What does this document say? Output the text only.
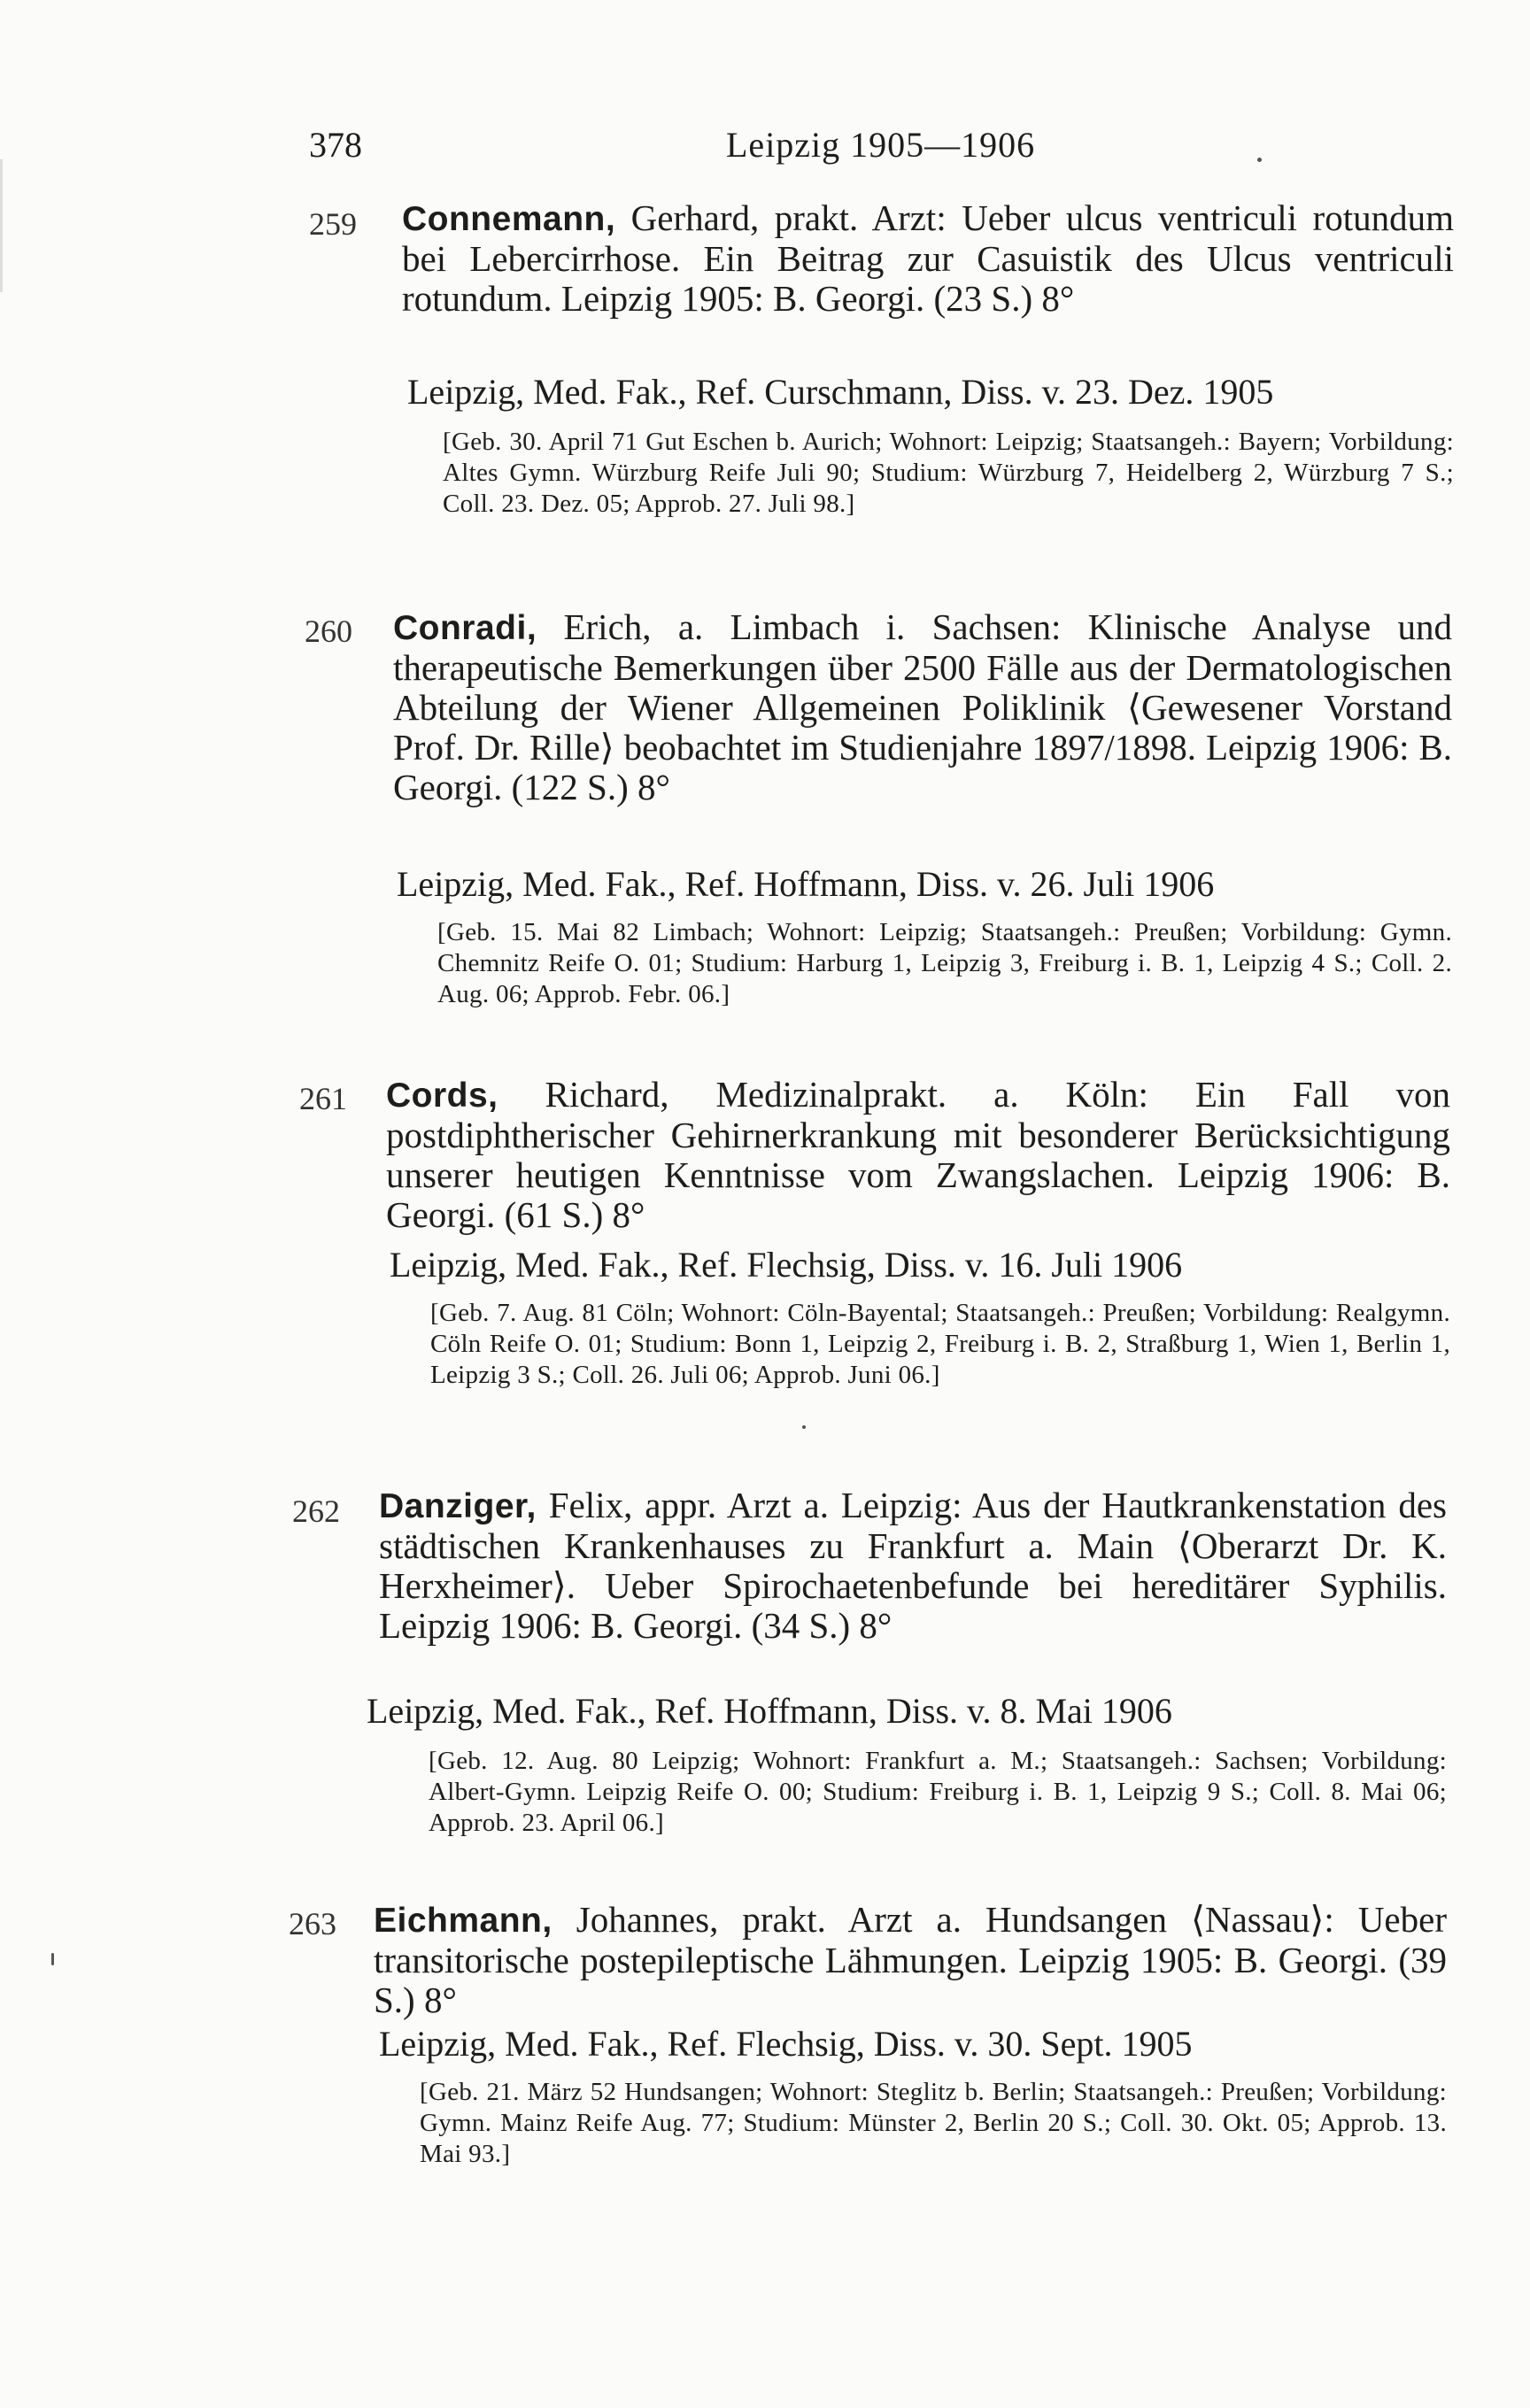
378	Leipzig 1905—1906
259 Connemann, Gerhard, prakt. Arzt: Ueber ulcus ventriculi rotundum bei Lebercirrhose. Ein Beitrag zur Casuistik des Ulcus ventriculi rotundum. Leipzig 1905: B. Georgi. (23 S.) 8°
Leipzig, Med. Fak., Ref. Curschmann, Diss. v. 23. Dez. 1905
[Geb. 30. April 71 Gut Eschen b. Aurich; Wohnort: Leipzig; Staatsangeh.: Bayern; Vorbildung: Altes Gymn. Würzburg Reife Juli 90; Studium: Würzburg 7, Heidelberg 2, Würzburg 7 S.; Coll. 23. Dez. 05; Approb. 27. Juli 98.]
260 Conradi, Erich, a. Limbach i. Sachsen: Klinische Analyse und therapeutische Bemerkungen über 2500 Fälle aus der Dermatologischen Abteilung der Wiener Allgemeinen Poliklinik ⟨Gewesener Vorstand Prof. Dr. Rille⟩ beobachtet im Studienjahre 1897/1898. Leipzig 1906: B. Georgi. (122 S.) 8°
Leipzig, Med. Fak., Ref. Hoffmann, Diss. v. 26. Juli 1906
[Geb. 15. Mai 82 Limbach; Wohnort: Leipzig; Staatsangeh.: Preußen; Vorbildung: Gymn. Chemnitz Reife O. 01; Studium: Harburg 1, Leipzig 3, Freiburg i. B. 1, Leipzig 4 S.; Coll. 2. Aug. 06; Approb. Febr. 06.]
261 Cords, Richard, Medizinalprakt. a. Köln: Ein Fall von postdiphtherischer Gehirnerkrankung mit besonderer Berücksichtigung unserer heutigen Kenntnisse vom Zwangslachen. Leipzig 1906: B. Georgi. (61 S.) 8°
Leipzig, Med. Fak., Ref. Flechsig, Diss. v. 16. Juli 1906
[Geb. 7. Aug. 81 Cöln; Wohnort: Cöln-Bayental; Staatsangeh.: Preußen; Vorbildung: Realgymn. Cöln Reife O. 01; Studium: Bonn 1, Leipzig 2, Freiburg i. B. 2, Straßburg 1, Wien 1, Berlin 1, Leipzig 3 S.; Coll. 26. Juli 06; Approb. Juni 06.]
262 Danziger, Felix, appr. Arzt a. Leipzig: Aus der Hautkrankenstation des städtischen Krankenhauses zu Frankfurt a. Main ⟨Oberarzt Dr. K. Herxheimer⟩. Ueber Spirochaetenbefunde bei hereditärer Syphilis. Leipzig 1906: B. Georgi. (34 S.) 8°
Leipzig, Med. Fak., Ref. Hoffmann, Diss. v. 8. Mai 1906
[Geb. 12. Aug. 80 Leipzig; Wohnort: Frankfurt a. M.; Staatsangeh.: Sachsen; Vorbildung: Albert-Gymn. Leipzig Reife O. 00; Studium: Freiburg i. B. 1, Leipzig 9 S.; Coll. 8. Mai 06; Approb. 23. April 06.]
263 Eichmann, Johannes, prakt. Arzt a. Hundsangen ⟨Nassau⟩: Ueber transitorische postepileptische Lähmungen. Leipzig 1905: B. Georgi. (39 S.) 8°
Leipzig, Med. Fak., Ref. Flechsig, Diss. v. 30. Sept. 1905
[Geb. 21. März 52 Hundsangen; Wohnort: Steglitz b. Berlin; Staatsangeh.: Preußen; Vorbildung: Gymn. Mainz Reife Aug. 77; Studium: Münster 2, Berlin 20 S.; Coll. 30. Okt. 05; Approb. 13. Mai 93.]
